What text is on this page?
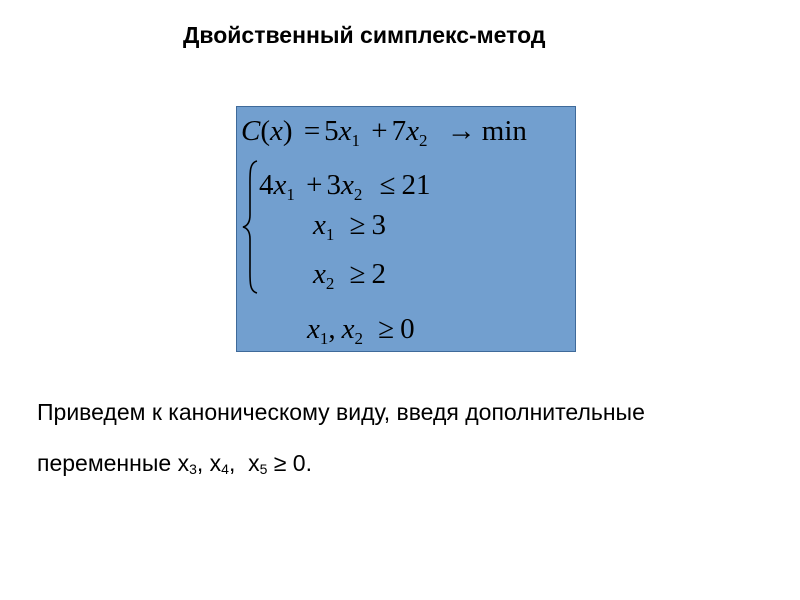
Двойственный симплекс-метод
$C(x) = 5x_1 + 7x_2 \to \min$
$4x_1 + 3x_2 \le 21$
$x_1 \ge 3$
$x_2 \ge 2$
$x_1$, $x_2 \ge 0$
Приведем к каноническому виду, введя дополнительные
переменные $x_3$, $x_4$,  $x_5 \ge 0$.
